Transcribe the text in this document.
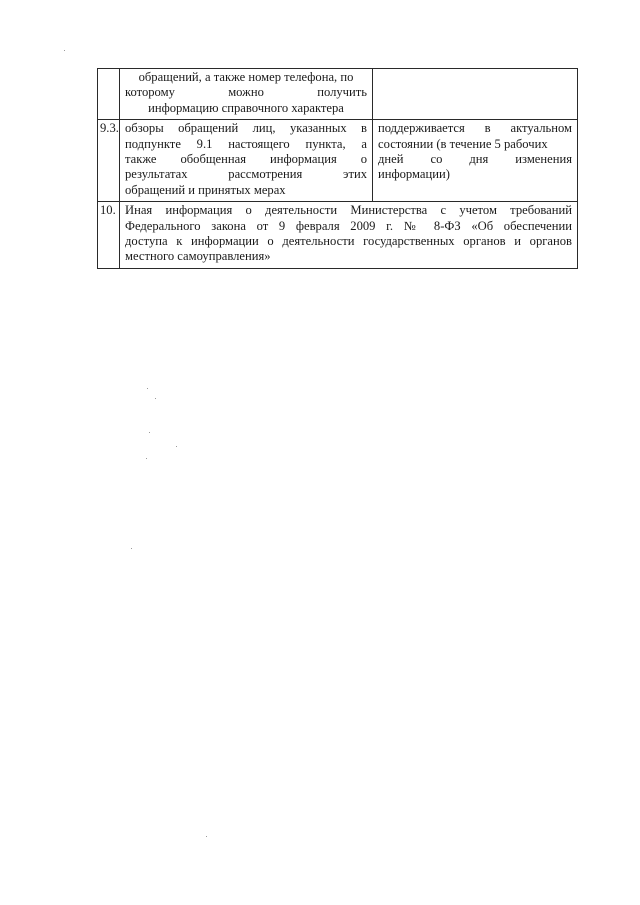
	обращений, а также номер телефона, по
которому можно получить
информацию справочного характера	

9.3.	обзоры обращений лиц, указанных в
подпункте 9.1 настоящего пункта, а
также обобщенная информация о
результатах рассмотрения этих
обращений и принятых мерах	поддерживается в актуальном
состоянии (в течение 5 рабочих
дней со дня изменения
информации)

10.	Иная информация о деятельности Министерства с учетом требований
Федерального закона от 9 февраля 2009 г. № 8-ФЗ «Об обеспечении
доступа к информации о деятельности государственных органов и органов
местного самоуправления»	
